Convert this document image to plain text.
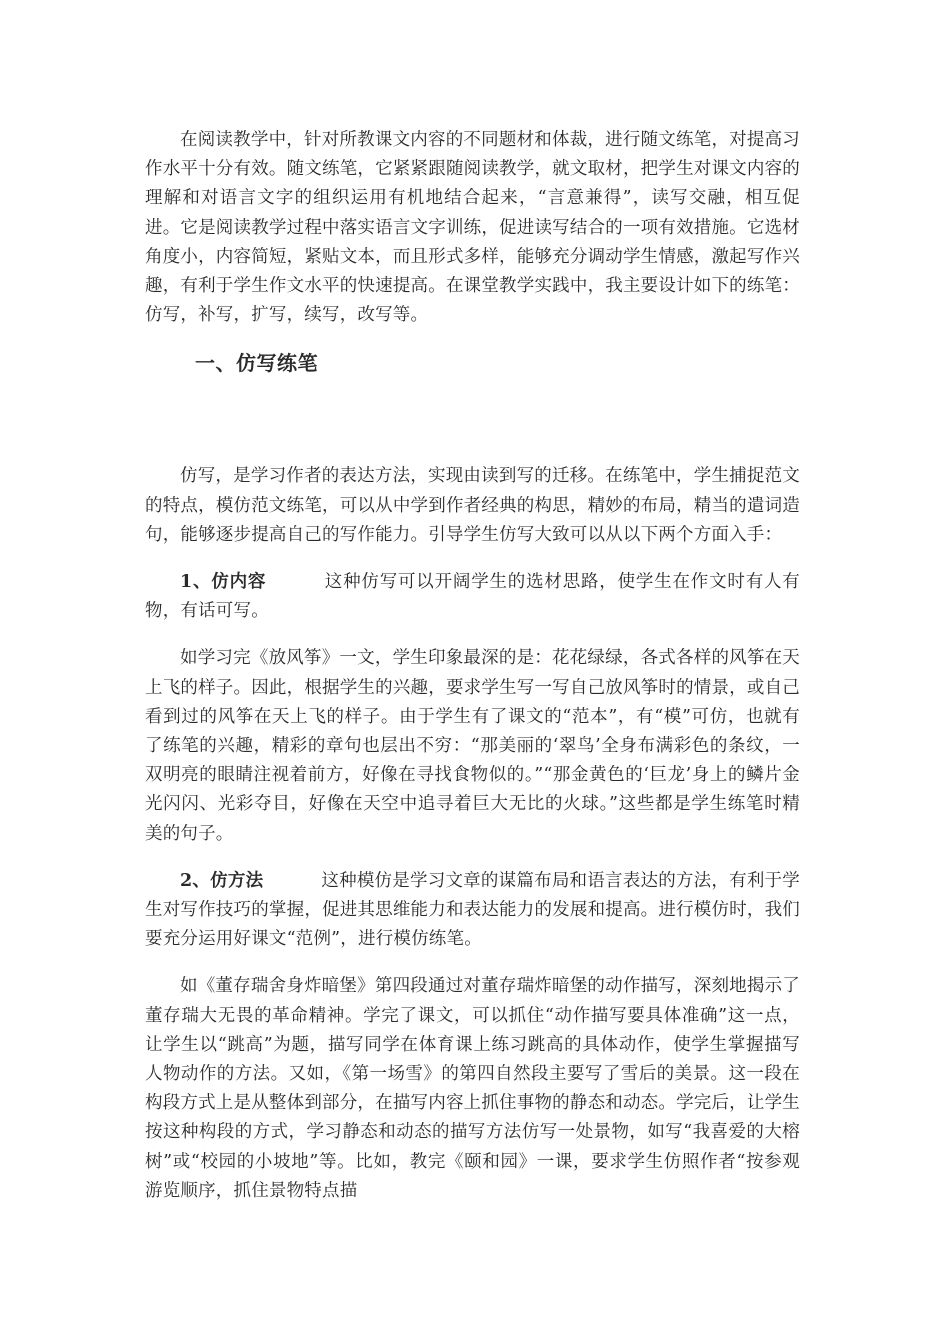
在阅读教学中，针对所教课文内容的不同题材和体裁，进行随文练笔，对提高习作水平十分有效。随文练笔，它紧紧跟随阅读教学，就文取材，把学生对课文内容的理解和对语言文字的组织运用有机地结合起来，“言意兼得”，读写交融，相互促进。它是阅读教学过程中落实语言文字训练，促进读写结合的一项有效措施。它选材角度小，内容简短，紧贴文本，而且形式多样，能够充分调动学生情感，激起写作兴趣，有利于学生作文水平的快速提高。在课堂教学实践中，我主要设计如下的练笔：仿写，补写，扩写，续写，改写等。

一、仿写练笔

仿写，是学习作者的表达方法，实现由读到写的迁移。在练笔中，学生捕捉范文的特点，模仿范文练笔，可以从中学到作者经典的构思，精妙的布局，精当的遣词造句，能够逐步提高自己的写作能力。引导学生仿写大致可以从以下两个方面入手：

1、仿内容	这种仿写可以开阔学生的选材思路，使学生在作文时有人有物，有话可写。

如学习完《放风筝》一文，学生印象最深的是：花花绿绿，各式各样的风筝在天上飞的样子。因此，根据学生的兴趣，要求学生写一写自己放风筝时的情景，或自己看到过的风筝在天上飞的样子。由于学生有了课文的“范本”，有“模”可仿，也就有了练笔的兴趣，精彩的章句也层出不穷：“那美丽的‘翠鸟’全身布满彩色的条纹，一双明亮的眼睛注视着前方，好像在寻找食物似的。”“那金黄色的‘巨龙’身上的鳞片金光闪闪、光彩夺目，好像在天空中追寻着巨大无比的火球。”这些都是学生练笔时精美的句子。

2、仿方法	这种模仿是学习文章的谋篇布局和语言表达的方法，有利于学生对写作技巧的掌握，促进其思维能力和表达能力的发展和提高。进行模仿时，我们要充分运用好课文“范例”，进行模仿练笔。

如《董存瑞舍身炸暗堡》第四段通过对董存瑞炸暗堡的动作描写，深刻地揭示了董存瑞大无畏的革命精神。学完了课文，可以抓住“动作描写要具体准确”这一点，让学生以“跳高”为题，描写同学在体育课上练习跳高的具体动作，使学生掌握描写人物动作的方法。又如，《第一场雪》的第四自然段主要写了雪后的美景。这一段在构段方式上是从整体到部分，在描写内容上抓住事物的静态和动态。学完后，让学生按这种构段的方式，学习静态和动态的描写方法仿写一处景物，如写“我喜爱的大榕树”或“校园的小坡地”等。比如，教完《颐和园》一课，要求学生仿照作者“按参观游览顺序，抓住景物特点描
